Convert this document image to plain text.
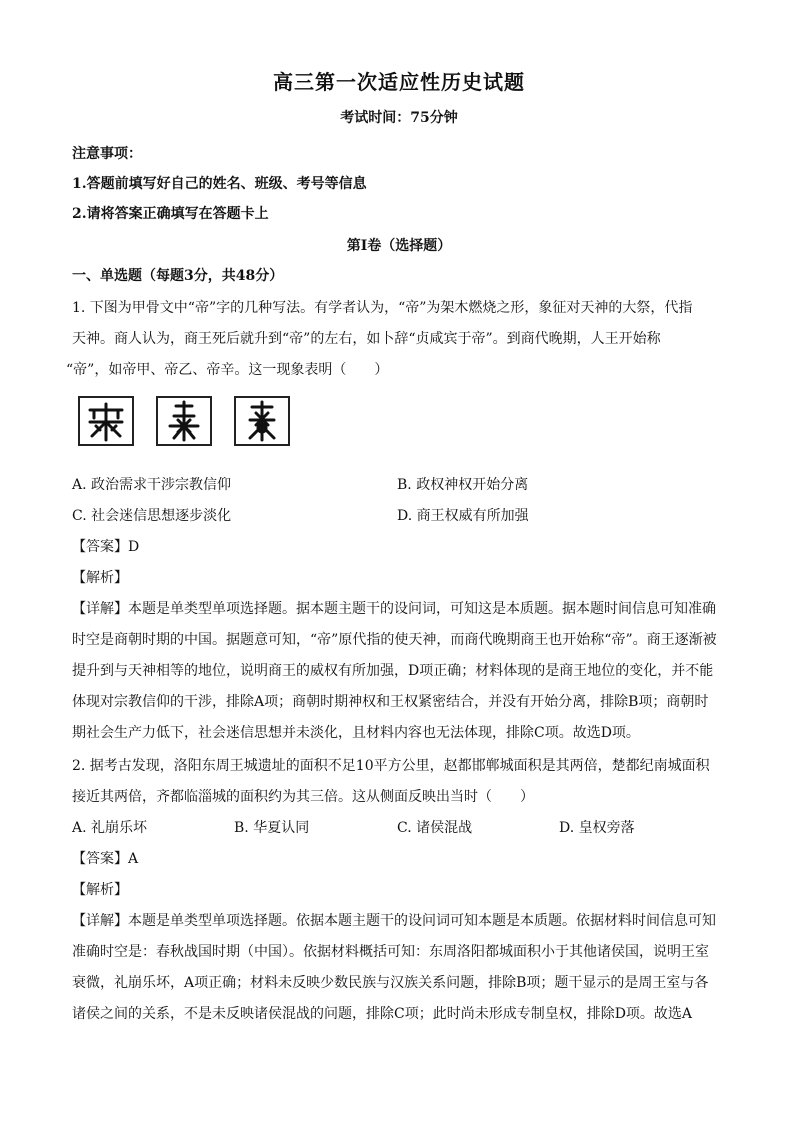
高三第一次适应性历史试题
考试时间：75分钟
注意事项：
1.答题前填写好自己的姓名、班级、考号等信息
2.请将答案正确填写在答题卡上
第Ⅰ卷（选择题）
一、单选题（每题3分，共48分）
1. 下图为甲骨文中“帝”字的几种写法。有学者认为，“帝”为架木燃烧之形，象征对天神的大祭，代指
天神。商人认为，商王死后就升到“帝”的左右，如卜辞“贞咸宾于帝”。到商代晚期，人王开始称
“帝”，如帝甲、帝乙、帝辛。这一现象表明（　　）
A. 政治需求干涉宗教信仰	B. 政权神权开始分离
C. 社会迷信思想逐步淡化	D. 商王权威有所加强
【答案】D
【解析】
【详解】本题是单类型单项选择题。据本题主题干的设问词，可知这是本质题。据本题时间信息可知准确
时空是商朝时期的中国。据题意可知，“帝”原代指的使天神，而商代晚期商王也开始称“帝”。商王逐渐被
提升到与天神相等的地位，说明商王的威权有所加强，D项正确；材料体现的是商王地位的变化，并不能
体现对宗教信仰的干涉，排除A项；商朝时期神权和王权紧密结合，并没有开始分离，排除B项；商朝时
期社会生产力低下，社会迷信思想并未淡化，且材料内容也无法体现，排除C项。故选D项。
2. 据考古发现，洛阳东周王城遗址的面积不足10平方公里，赵都邯郸城面积是其两倍，楚都纪南城面积
接近其两倍，齐都临淄城的面积约为其三倍。这从侧面反映出当时（　　）
A. 礼崩乐坏	B. 华夏认同	C. 诸侯混战	D. 皇权旁落
【答案】A
【解析】
【详解】本题是单类型单项选择题。依据本题主题干的设问词可知本题是本质题。依据材料时间信息可知
准确时空是：春秋战国时期（中国）。依据材料概括可知：东周洛阳都城面积小于其他诸侯国，说明王室
衰微，礼崩乐坏，A项正确；材料未反映少数民族与汉族关系问题，排除B项；题干显示的是周王室与各
诸侯之间的关系，不是未反映诸侯混战的问题，排除C项；此时尚未形成专制皇权，排除D项。故选A
